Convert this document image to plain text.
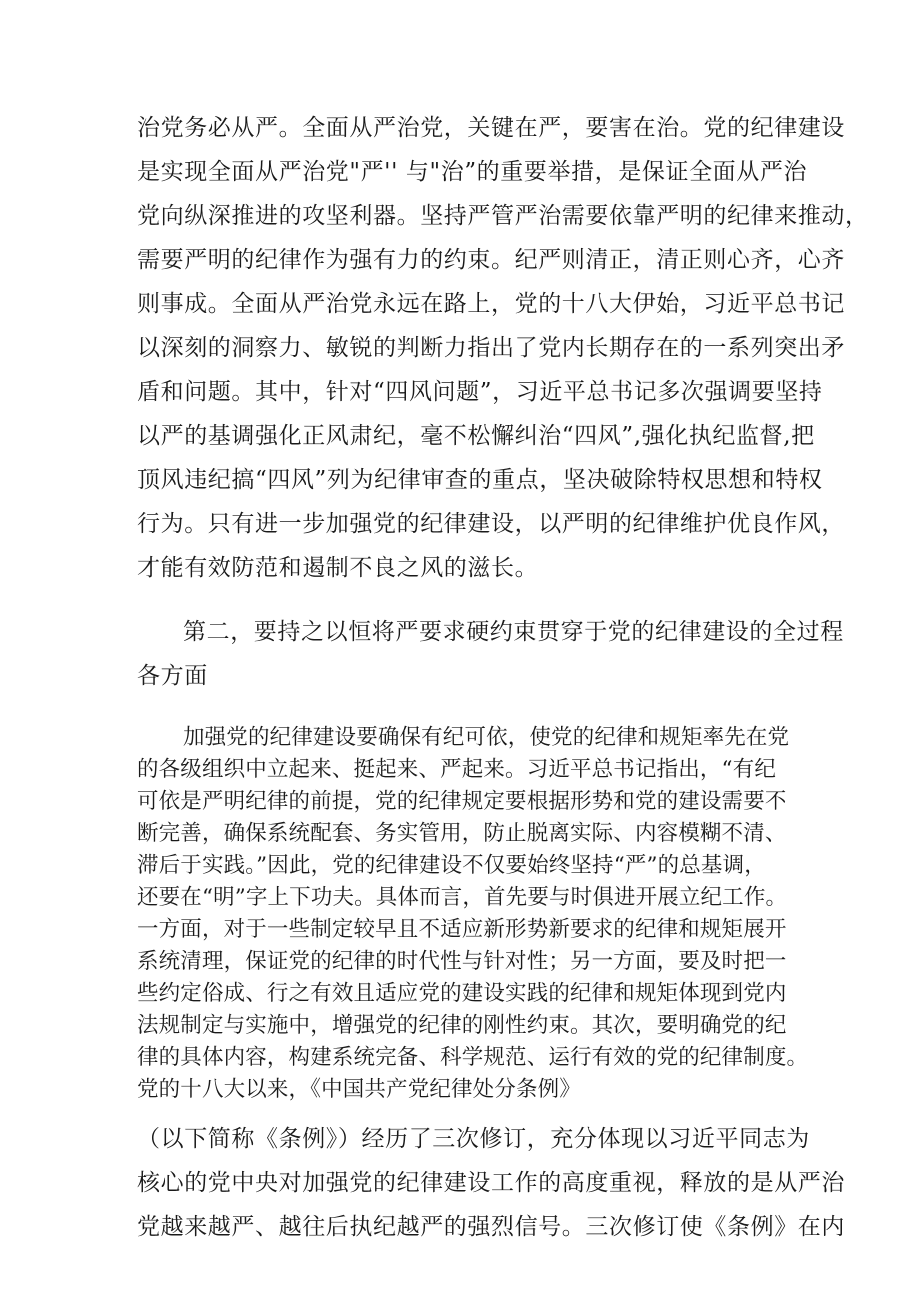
治党务必从严。全面从严治党，关键在严，要害在治。党的纪律建设
是实现全面从严治党"严'' 与"治”的重要举措，是保证全面从严治
党向纵深推进的攻坚利器。坚持严管严治需要依靠严明的纪律来推动，
需要严明的纪律作为强有力的约束。纪严则清正，清正则心齐，心齐
则事成。全面从严治党永远在路上，党的十八大伊始，习近平总书记
以深刻的洞察力、敏锐的判断力指出了党内长期存在的一系列突出矛
盾和问题。其中，针对“四风问题”，习近平总书记多次强调要坚持
以严的基调强化正风肃纪，毫不松懈纠治“四风”,强化执纪监督,把
顶风违纪搞“四风”列为纪律审查的重点，坚决破除特权思想和特权
行为。只有进一步加强党的纪律建设，以严明的纪律维护优良作风，
才能有效防范和遏制不良之风的滋长。
第二，要持之以恒将严要求硬约束贯穿于党的纪律建设的全过程
各方面
加强党的纪律建设要确保有纪可依，使党的纪律和规矩率先在党
的各级组织中立起来、挺起来、严起来。习近平总书记指出，“有纪
可依是严明纪律的前提，党的纪律规定要根据形势和党的建设需要不
断完善，确保系统配套、务实管用，防止脱离实际、内容模糊不清、
滞后于实践。”因此，党的纪律建设不仅要始终坚持“严”的总基调，
还要在“明”字上下功夫。具体而言，首先要与时俱进开展立纪工作。
一方面，对于一些制定较早且不适应新形势新要求的纪律和规矩展开
系统清理，保证党的纪律的时代性与针对性；另一方面，要及时把一
些约定俗成、行之有效且适应党的建设实践的纪律和规矩体现到党内
法规制定与实施中，增强党的纪律的刚性约束。其次，要明确党的纪
律的具体内容，构建系统完备、科学规范、运行有效的党的纪律制度。
党的十八大以来，《中国共产党纪律处分条例》
（以下简称《条例》）经历了三次修订，充分体现以习近平同志为
核心的党中央对加强党的纪律建设工作的高度重视，释放的是从严治
党越来越严、越往后执纪越严的强烈信号。三次修订使《条例》在内
